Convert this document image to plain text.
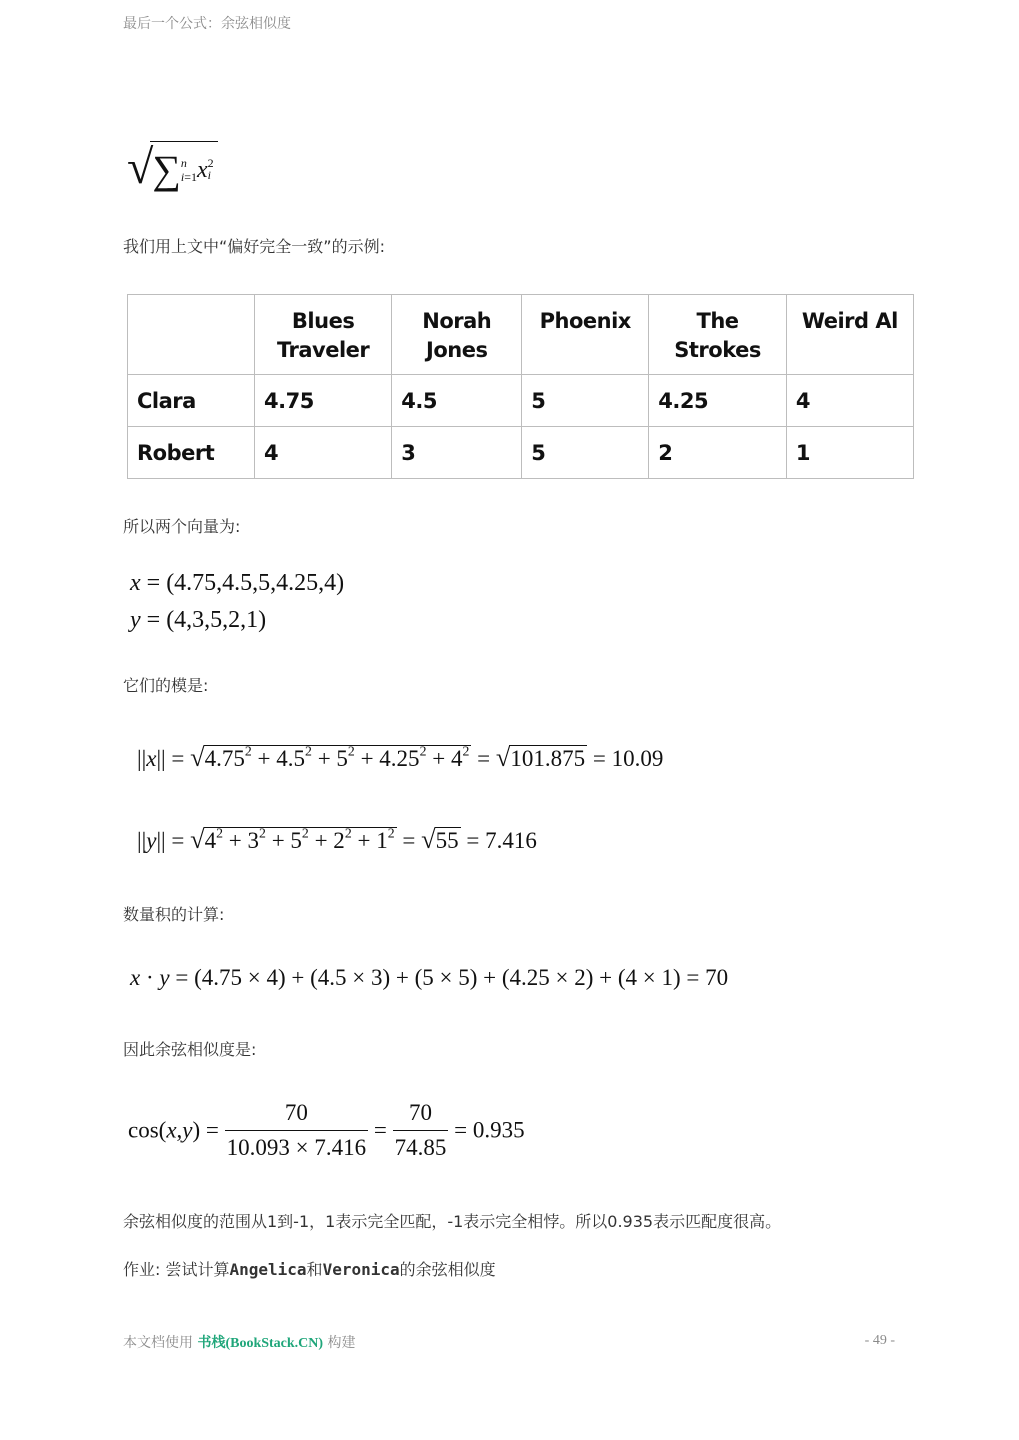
最后一个公式：余弦相似度
√∑n
i=1x2
i
我们用上文中“偏好完全一致”的示例:
	Blues Traveler	Norah Jones	Phoenix	The Strokes	Weird Al
Clara	4.75	4.5	5	4.25	4
Robert	4	3	5	2	1
所以两个向量为:
x = (4.75,4.5,5,4.25,4)
y = (4,3,5,2,1)
它们的模是:
$||x|| = √4.75^2 + 4.5^2 + 5^2 + 4.25^2 + 4^2 = √101.875 = 10.09$
$||y|| = √4^2 + 3^2 + 5^2 + 2^2 + 1^2 = √55 = 7.416$
数量积的计算:
x · y = (4.75 × 4) + (4.5 × 3) + (5 × 5) + (4.25 × 2) + (4 × 1) = 70
因此余弦相似度是:
$\cos(x,y) = \frac{70}{10.093 \times 7.416} = \frac{70}{74.85} = 0.935$
余弦相似度的范围从1到-1，1表示完全匹配，-1表示完全相悖。所以0.935表示匹配度很高。
作业: 尝试计算Angelica和Veronica的余弦相似度
本文档使用 书栈(BookStack.CN) 构建	- 49 -
